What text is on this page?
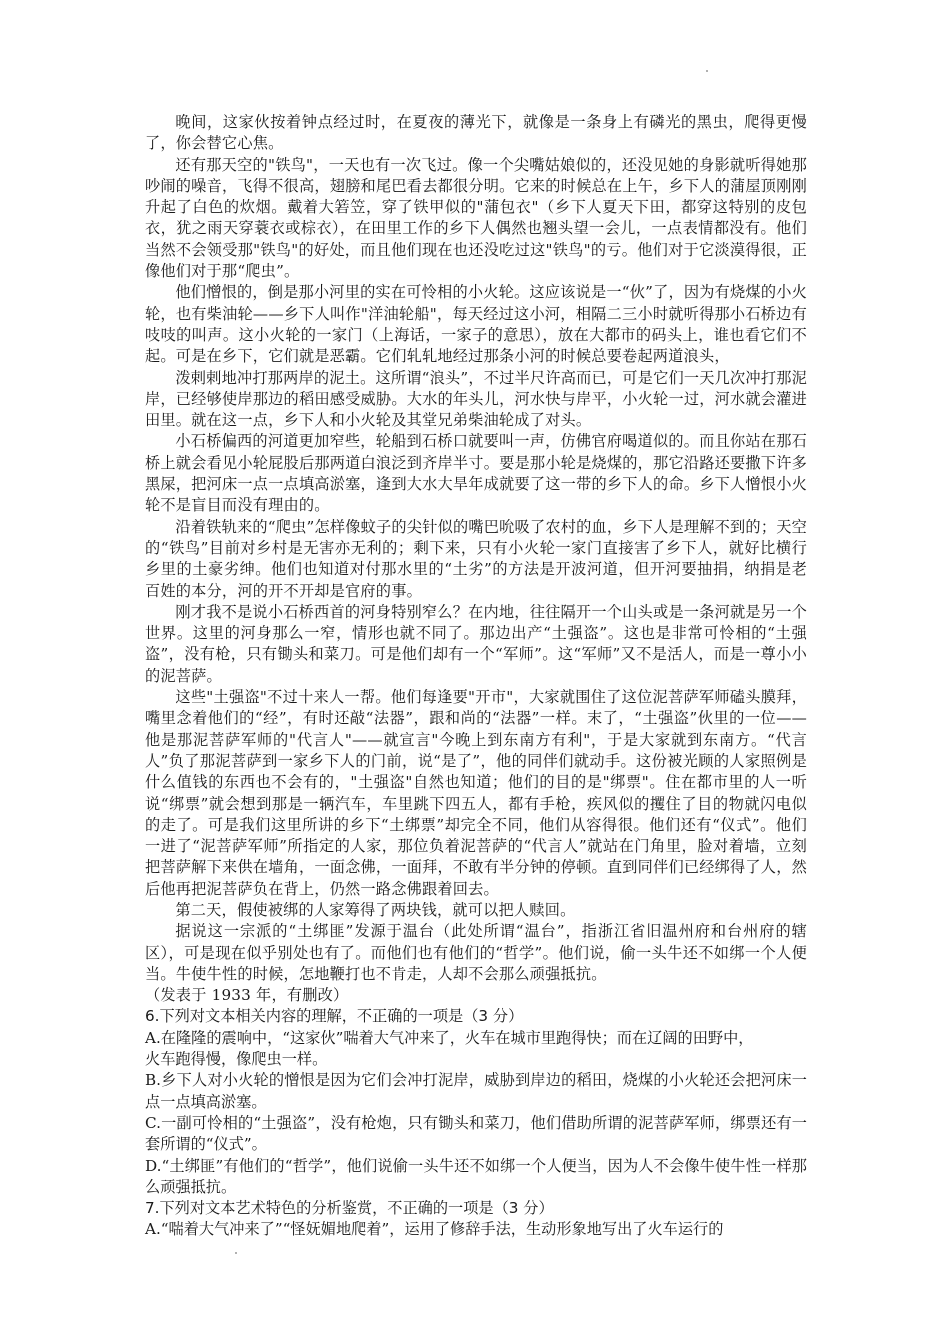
晚间，这家伙按着钟点经过时，在夏夜的薄光下，就像是一条身上有磷光的黑虫，爬得更慢了，你会替它心焦。

还有那天空的"铁鸟"，一天也有一次飞过。像一个尖嘴姑娘似的，还没见她的身影就听得她那吵闹的噪音，飞得不很高，翅膀和尾巴看去都很分明。它来的时候总在上午，乡下人的蒲屋顶刚刚升起了白色的炊烟。戴着大箬笠，穿了铁甲似的"蒲包衣"（乡下人夏天下田，都穿这特别的皮包衣，犹之雨天穿蓑衣或棕衣），在田里工作的乡下人偶然也翘头望一会儿，一点表情都没有。他们当然不会领受那"铁鸟"的好处，而且他们现在也还没吃过这"铁鸟"的亏。他们对于它淡漠得很，正像他们对于那“爬虫”。

他们憎恨的，倒是那小河里的实在可怜相的小火轮。这应该说是一“伙”了，因为有烧煤的小火轮，也有柴油轮——乡下人叫作"洋油轮船"，每天经过这小河，相隔二三小时就听得那小石桥边有吱吱的叫声。这小火轮的一家门（上海话，一家子的意思），放在大都市的码头上，谁也看它们不起。可是在乡下，它们就是恶霸。它们轧轧地经过那条小河的时候总要卷起两道浪头，

泼剌剌地冲打那两岸的泥土。这所谓“浪头”，不过半尺许高而已，可是它们一天几次冲打那泥岸，已经够使岸那边的稻田感受威胁。大水的年头儿，河水快与岸平，小火轮一过，河水就会灌进田里。就在这一点，乡下人和小火轮及其堂兄弟柴油轮成了对头。

小石桥偏西的河道更加窄些，轮船到石桥口就要叫一声，仿佛官府喝道似的。而且你站在那石桥上就会看见小轮屁股后那两道白浪泛到齐岸半寸。要是那小轮是烧煤的，那它沿路还要撒下许多黑屎，把河床一点一点填高淤塞，逢到大水大旱年成就要了这一带的乡下人的命。乡下人憎恨小火轮不是盲目而没有理由的。

沿着铁轨来的“爬虫”怎样像蚊子的尖针似的嘴巴吮吸了农村的血，乡下人是理解不到的；天空的“铁鸟”目前对乡村是无害亦无利的；剩下来，只有小火轮一家门直接害了乡下人，就好比横行乡里的土豪劣绅。他们也知道对付那水里的“土劣”的方法是开波河道，但开河要抽捐，纳捐是老百姓的本分，河的开不开却是官府的事。

刚才我不是说小石桥西首的河身特别窄么？在内地，往往隔开一个山头或是一条河就是另一个世界。这里的河身那么一窄，情形也就不同了。那边出产“土强盗”。这也是非常可怜相的“土强盗”，没有枪，只有锄头和菜刀。可是他们却有一个“军师”。这“军师”又不是活人，而是一尊小小的泥菩萨。

这些"土强盗"不过十来人一帮。他们每逢要"开市"，大家就围住了这位泥菩萨军师磕头膜拜，嘴里念着他们的“经”，有时还敲“法器”，跟和尚的“法器”一样。末了，“土强盗”伙里的一位——他是那泥菩萨军师的"代言人"——就宣言"今晚上到东南方有利"，于是大家就到东南方。“代言人”负了那泥菩萨到一家乡下人的门前，说“是了”，他的同伴们就动手。这份被光顾的人家照例是什么值钱的东西也不会有的，"土强盗"自然也知道；他们的目的是"绑票"。住在都市里的人一听说“绑票”就会想到那是一辆汽车，车里跳下四五人，都有手枪，疾风似的攫住了目的物就闪电似的走了。可是我们这里所讲的乡下“土绑票”却完全不同，他们从容得很。他们还有“仪式”。他们一进了“泥菩萨军师”所指定的人家，那位负着泥菩萨的“代言人”就站在门角里，脸对着墙，立刻把菩萨解下来供在墙角，一面念佛，一面拜，不敢有半分钟的停顿。直到同伴们已经绑得了人，然后他再把泥菩萨负在背上，仍然一路念佛跟着回去。

第二天，假使被绑的人家筹得了两块钱，就可以把人赎回。

据说这一宗派的“土绑匪”发源于温台（此处所谓“温台”，指浙江省旧温州府和台州府的辖区），可是现在似乎别处也有了。而他们也有他们的“哲学”。他们说，偷一头牛还不如绑一个人便当。牛使牛性的时候，怎地鞭打也不肯走，人却不会那么顽强抵抗。

（发表于 1933 年，有删改）

6.下列对文本相关内容的理解，不正确的一项是（3 分）

A.在隆隆的震响中，“这家伙”喘着大气冲来了，火车在城市里跑得快；而在辽阔的田野中，

火车跑得慢，像爬虫一样。

B.乡下人对小火轮的憎恨是因为它们会冲打泥岸，威胁到岸边的稻田，烧煤的小火轮还会把河床一点一点填高淤塞。

C.一副可怜相的“土强盗”，没有枪炮，只有锄头和菜刀，他们借助所谓的泥菩萨军师，绑票还有一套所谓的“仪式”。

D.“土绑匪”有他们的“哲学”，他们说偷一头牛还不如绑一个人便当，因为人不会像牛使牛性一样那么顽强抵抗。

7.下列对文本艺术特色的分析鉴赏，不正确的一项是（3 分）

A.“喘着大气冲来了”“怪妩媚地爬着”，运用了修辞手法，生动形象地写出了火车运行的
